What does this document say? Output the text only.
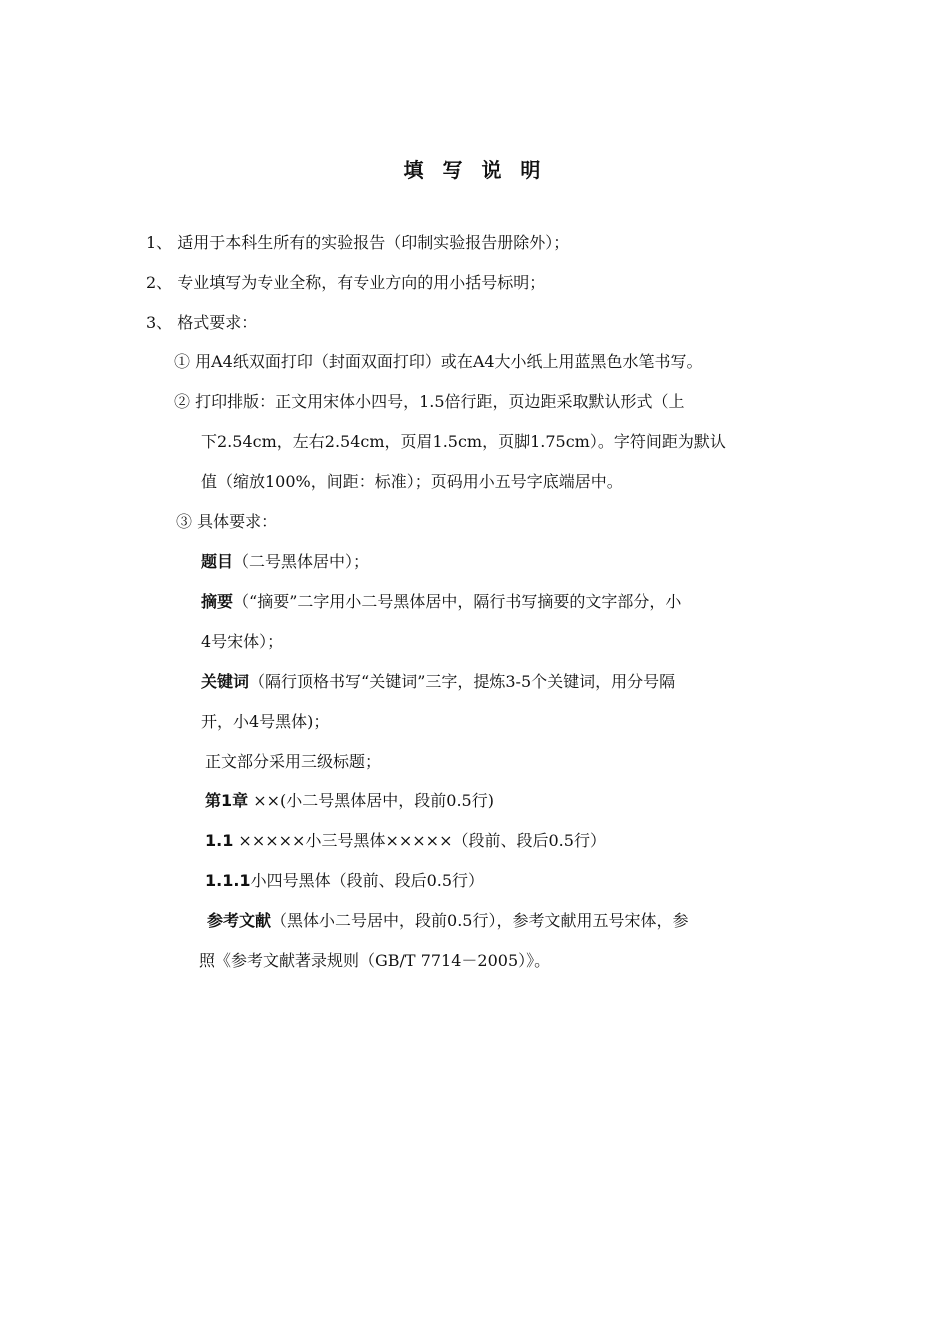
填 写 说 明
1、 适用于本科生所有的实验报告（印制实验报告册除外）；
2、 专业填写为专业全称，有专业方向的用小括号标明；
3、 格式要求：
① 用A4纸双面打印（封面双面打印）或在A4大小纸上用蓝黑色水笔书写。
② 打印排版：正文用宋体小四号，1.5倍行距，页边距采取默认形式（上
下2.54cm，左右2.54cm，页眉1.5cm，页脚1.75cm）。字符间距为默认
值（缩放100%，间距：标准）；页码用小五号字底端居中。
③ 具体要求：
题目（二号黑体居中）；
摘要（“摘要”二字用小二号黑体居中，隔行书写摘要的文字部分，小
4号宋体）；
关键词（隔行顶格书写“关键词”三字，提炼3-5个关键词，用分号隔
开，小4号黑体)；
正文部分采用三级标题；
第1章 ××(小二号黑体居中，段前0.5行)
1.1 ×××××小三号黑体×××××（段前、段后0.5行）
1.1.1小四号黑体（段前、段后0.5行）
参考文献（黑体小二号居中，段前0.5行），参考文献用五号宋体，参
照《参考文献著录规则（GB/T 7714－2005）》。
